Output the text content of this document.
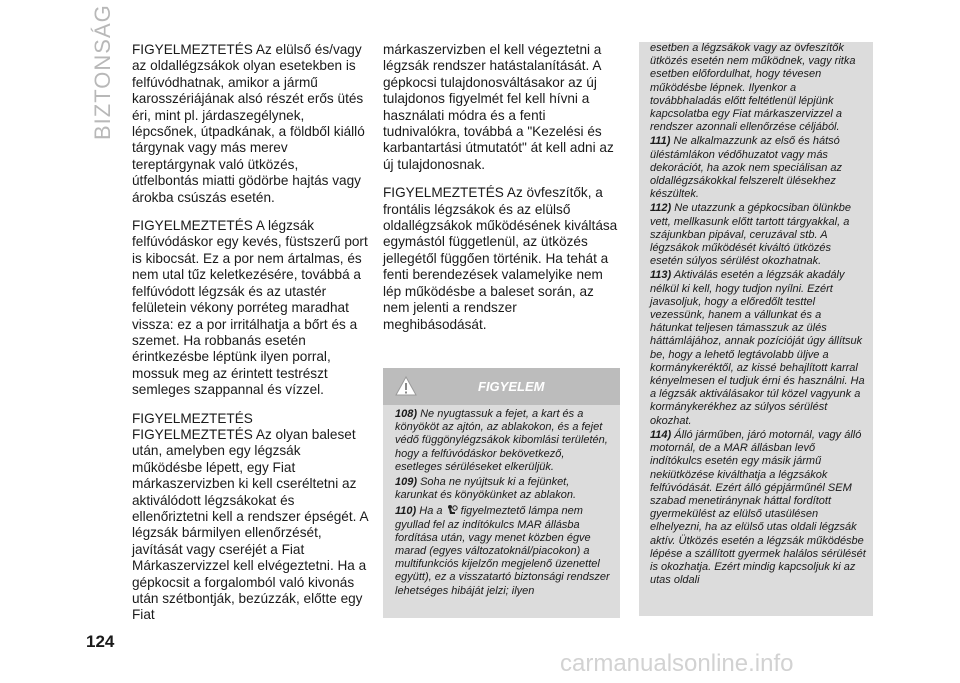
BIZTONSÁG FIGYELMEZTETÉS Az elülső és/vagy az oldallégzsákok olyan esetekben is felfúvódhatnak, amikor a jármű karosszériájának alsó részét erős ütés éri, mint pl. járdaszegélynek, lépcsőnek, útpadkának, a földből kiálló tárgynak vagy más merev tereptárgynak való ütközés, útfelbontás miatti gödörbe hajtás vagy árokba csúszás esetén.

FIGYELMEZTETÉS A légzsák felfúvódáskor egy kevés, füstszerű port is kibocsát. Ez a por nem ártalmas, és nem utal tűz keletkezésére, továbbá a felfúvódott légzsák és az utastér felületein vékony porréteg maradhat vissza: ez a por irritálhatja a bőrt és a szemet. Ha robbanás esetén érintkezésbe léptünk ilyen porral, mossuk meg az érintett testrészt semleges szappannal és vízzel.

FIGYELMEZTETÉS FIGYELMEZTETÉS Az olyan baleset után, amelyben egy légzsák működésbe lépett, egy Fiat márkaszervizben ki kell cseréltetni az aktiválódott légzsákokat és ellenőriztetni kell a rendszer épségét. A légzsák bármilyen ellenőrzését, javítását vagy cseréjét a Fiat Márkaszervizzel kell elvégeztetni. Ha a gépkocsit a forgalomból való kivonás után szétbontják, bezúzzák, előtte egy Fiat

márkaszervizben el kell végeztetni a légzsák rendszer hatástalanítását. A gépkocsi tulajdonosváltásakor az új tulajdonos figyelmét fel kell hívni a használati módra és a fenti tudnivalókra, továbbá a "Kezelési és karbantartási útmutatót" át kell adni az új tulajdonosnak.

FIGYELMEZTETÉS Az övfeszítők, a frontális légzsákok és az elülső oldallégzsákok működésének kiváltása egymástól függetlenül, az ütközés jellegétől függően történik. Ha tehát a fenti berendezések valamelyike nem lép működésbe a baleset során, az nem jelenti a rendszer meghibásodását.

FIGYELEM

108) Ne nyugtassuk a fejet, a kart és a könyököt az ajtón, az ablakokon, és a fejet védő függönylégzsákok kibomlási területén, hogy a felfúvódáskor bekövetkező, esetleges sérüléseket elkerüljük.

109) Soha ne nyújtsuk ki a fejünket, karunkat és könyökünket az ablakon.

110) Ha a figyelmeztető lámpa nem gyullad fel az indítókulcs MAR állásba fordítása után, vagy menet közben égve marad (egyes változatoknál/piacokon) a multifunkciós kijelzőn megjelenő üzenettel együtt), ez a visszatartó biztonsági rendszer lehetséges hibáját jelzi; ilyen

esetben a légzsákok vagy az övfeszítők ütközés esetén nem működnek, vagy ritka esetben előfordulhat, hogy tévesen működésbe lépnek. Ilyenkor a továbbhaladás előtt feltétlenül lépjünk kapcsolatba egy Fiat márkaszervizzel a rendszer azonnali ellenőrzése céljából.

111) Ne alkalmazzunk az első és hátsó üléstámlákon védőhuzatot vagy más dekorációt, ha azok nem speciálisan az oldallégzsákokkal felszerelt ülésekhez készültek.

112) Ne utazzunk a gépkocsiban ölünkbe vett, mellkasunk előtt tartott tárgyakkal, a szájunkban pipával, ceruzával stb. A légzsákok működését kiváltó ütközés esetén súlyos sérülést okozhatnak.

113) Aktiválás esetén a légzsák akadály nélkül ki kell, hogy tudjon nyílni. Ezért javasoljuk, hogy a előredőlt testtel vezessünk, hanem a vállunkat és a hátunkat teljesen támasszuk az ülés háttámlájához, annak pozícióját úgy állítsuk be, hogy a lehető legtávolabb üljve a kormánykeréktől, az kissé behajlított karral kényelmesen el tudjuk érni és használni. Ha a légzsák aktiválásakor túl közel vagyunk a kormánykerékhez az súlyos sérülést okozhat.

114) Álló járműben, járó motornál, vagy álló motornál, de a MAR állásban levő indítókulcs esetén egy másik jármű nekiütközése kiválthatja a légzsákok felfúvódását. Ezért álló gépjárműnél SEM szabad menetiránynak háttal fordított gyermekülést az elülső utasülésen elhelyezni, ha az elülső utas oldali légzsák aktív. Ütközés esetén a légzsák működésbe lépése a szállított gyermek halálos sérülését is okozhatja. Ezért mindig kapcsoljuk ki az utas oldali

124
carmanualsonline.info
